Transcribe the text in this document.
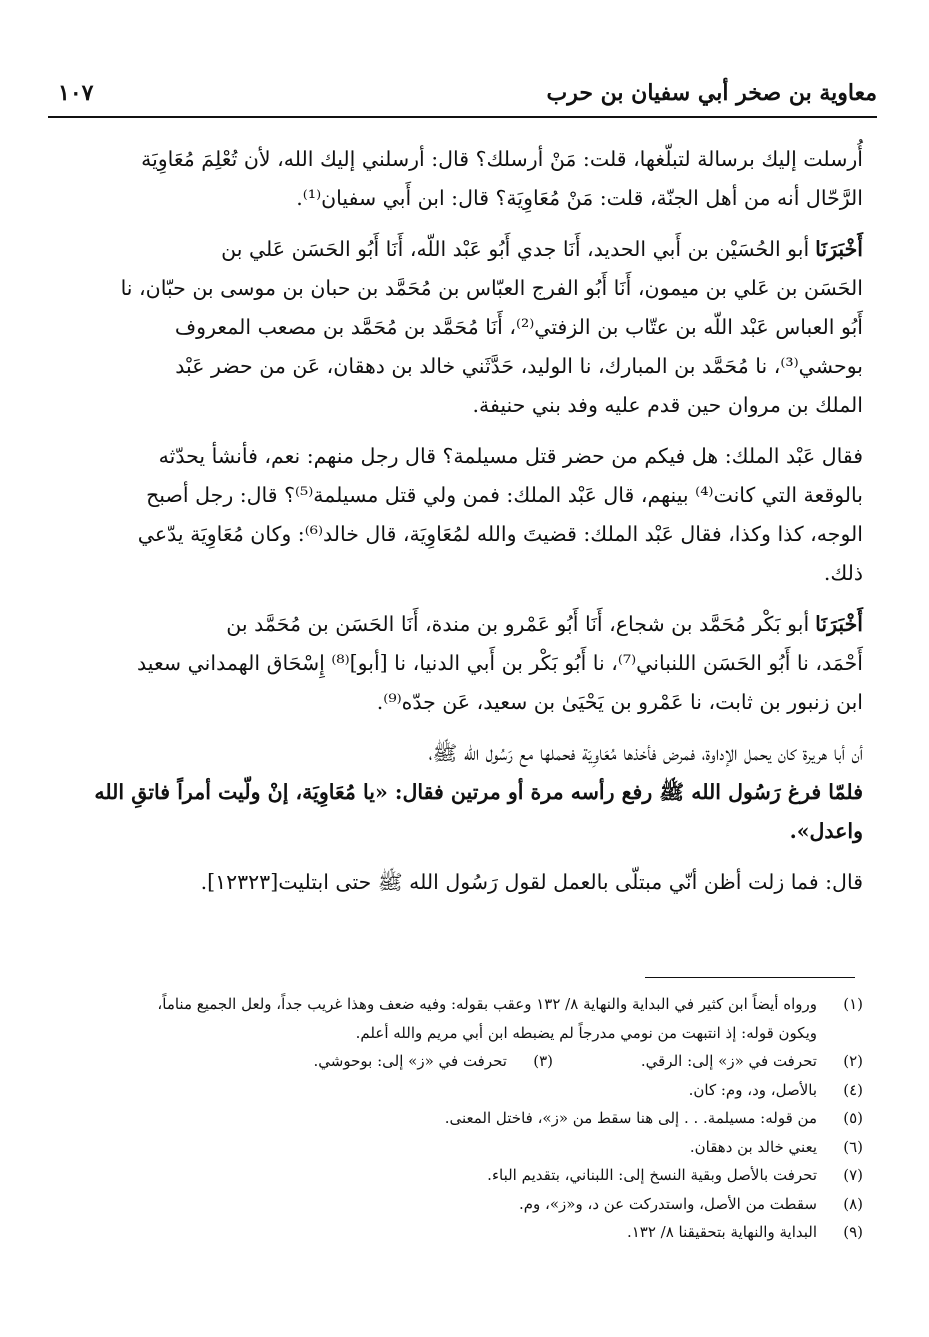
١٠٧	معاوية بن صخر أبي سفيان بن حرب

أُرسلت إليك برسالة لتبلّغها، قلت: مَنْ أرسلك؟ قال: أرسلني إليك الله، لأن تُعْلِمَ مُعَاوِيَة

الرَّحّال أنه من أهل الجنّة، قلت: مَنْ مُعَاوِيَة؟ قال: ابن أَبي سفيان⁽¹⁾.

أَخْبَرَنَاأبو الحُسَيْن بن أَبي الحديد، أَنَا جدي أَبُو عَبْد اللّه، أَنَا أَبُو الحَسَن عَلي بن

الحَسَن بن عَلي بن ميمون، أَنَا أَبُو الفرج العبّاس بن مُحَمَّد بن حبان بن موسى بن حبّان، نا

أَبُو العباس عَبْد اللّه بن عتّاب بن الزفتي⁽²⁾، أَنَا مُحَمَّد بن مُحَمَّد بن مصعب المعروف

بوحشي⁽³⁾، نا مُحَمَّد بن المبارك، نا الوليد، حَدَّثَني خالد بن دهقان، عَن من حضر عَبْد

الملك بن مروان حين قدم عليه وفد بني حنيفة.

فقال عَبْد الملك: هل فيكم من حضر قتل مسيلمة؟ قال رجل منهم: نعم، فأنشأ يحدّثه

بالوقعة التي كانت⁽⁴⁾ بينهم، قال عَبْد الملك: فمن ولي قتل مسيلمة⁽⁵⁾؟ قال: رجل أصبح

الوجه، كذا وكذا، فقال عَبْد الملك: قضيتَ والله لمُعَاوِيَة، قال خالد⁽⁶⁾: وكان مُعَاوِيَة يدّعي

ذلك.

أَخْبَرَنَاأبو بَكْر مُحَمَّد بن شجاع، أَنَا أَبُو عَمْرو بن مندة، أَنَا الحَسَن بن مُحَمَّد بن

أَحْمَد، نا أَبُو الحَسَن اللنباني⁽⁷⁾، نا أَبُو بَكْر بن أَبي الدنيا، نا [أبو]⁽⁸⁾ إِسْحَاق الهمداني سعيد

ابن زنبور بن ثابت، نا عَمْرو بن يَحْيَىٰ بن سعيد، عَن جدّه⁽⁹⁾.

أن أبا هريرة كان يحمل الإداوة، فمرض فأخذها مُعَاوِيَة فحملها مع رَسُول الله ﷺ،

فلمّا فرغ رَسُول الله ﷺ رفع رأسه مرة أو مرتين فقال: «يا مُعَاوِيَة، إنْ ولّيت أمراً فاتقِ الله

واعدل».

قال: فما زلت أظن أنّي مبتلّى بالعمل لقول رَسُول الله ﷺ حتى ابتليت[١٢٣٢٣].

(١)
ورواه أيضاً ابن كثير في البداية والنهاية ٨/ ١٣٢ وعقب بقوله: وفيه ضعف وهذا غريب جداً، ولعل الجميع مناماً،
ويكون قوله: إذ انتبهت من نومي مدرجاً لم يضبطه ابن أبي مريم والله أعلم.
(٢)
تحرفت في «ز» إلى: الرقي.
(٣)
تحرفت في «ز» إلى: بوحوشي.
(٤)
بالأصل، ود، وم: كان.
(٥)
من قوله: مسيلمة. . . إلى هنا سقط من «ز»، فاختل المعنى.
(٦)
يعني خالد بن دهقان.
(٧)
تحرفت بالأصل وبقية النسخ إلى: اللبناني، بتقديم الباء.
(٨)
سقطت من الأصل، واستدركت عن د، و«ز»، وم.
(٩)
البداية والنهاية بتحقيقنا ٨/ ١٣٢.
